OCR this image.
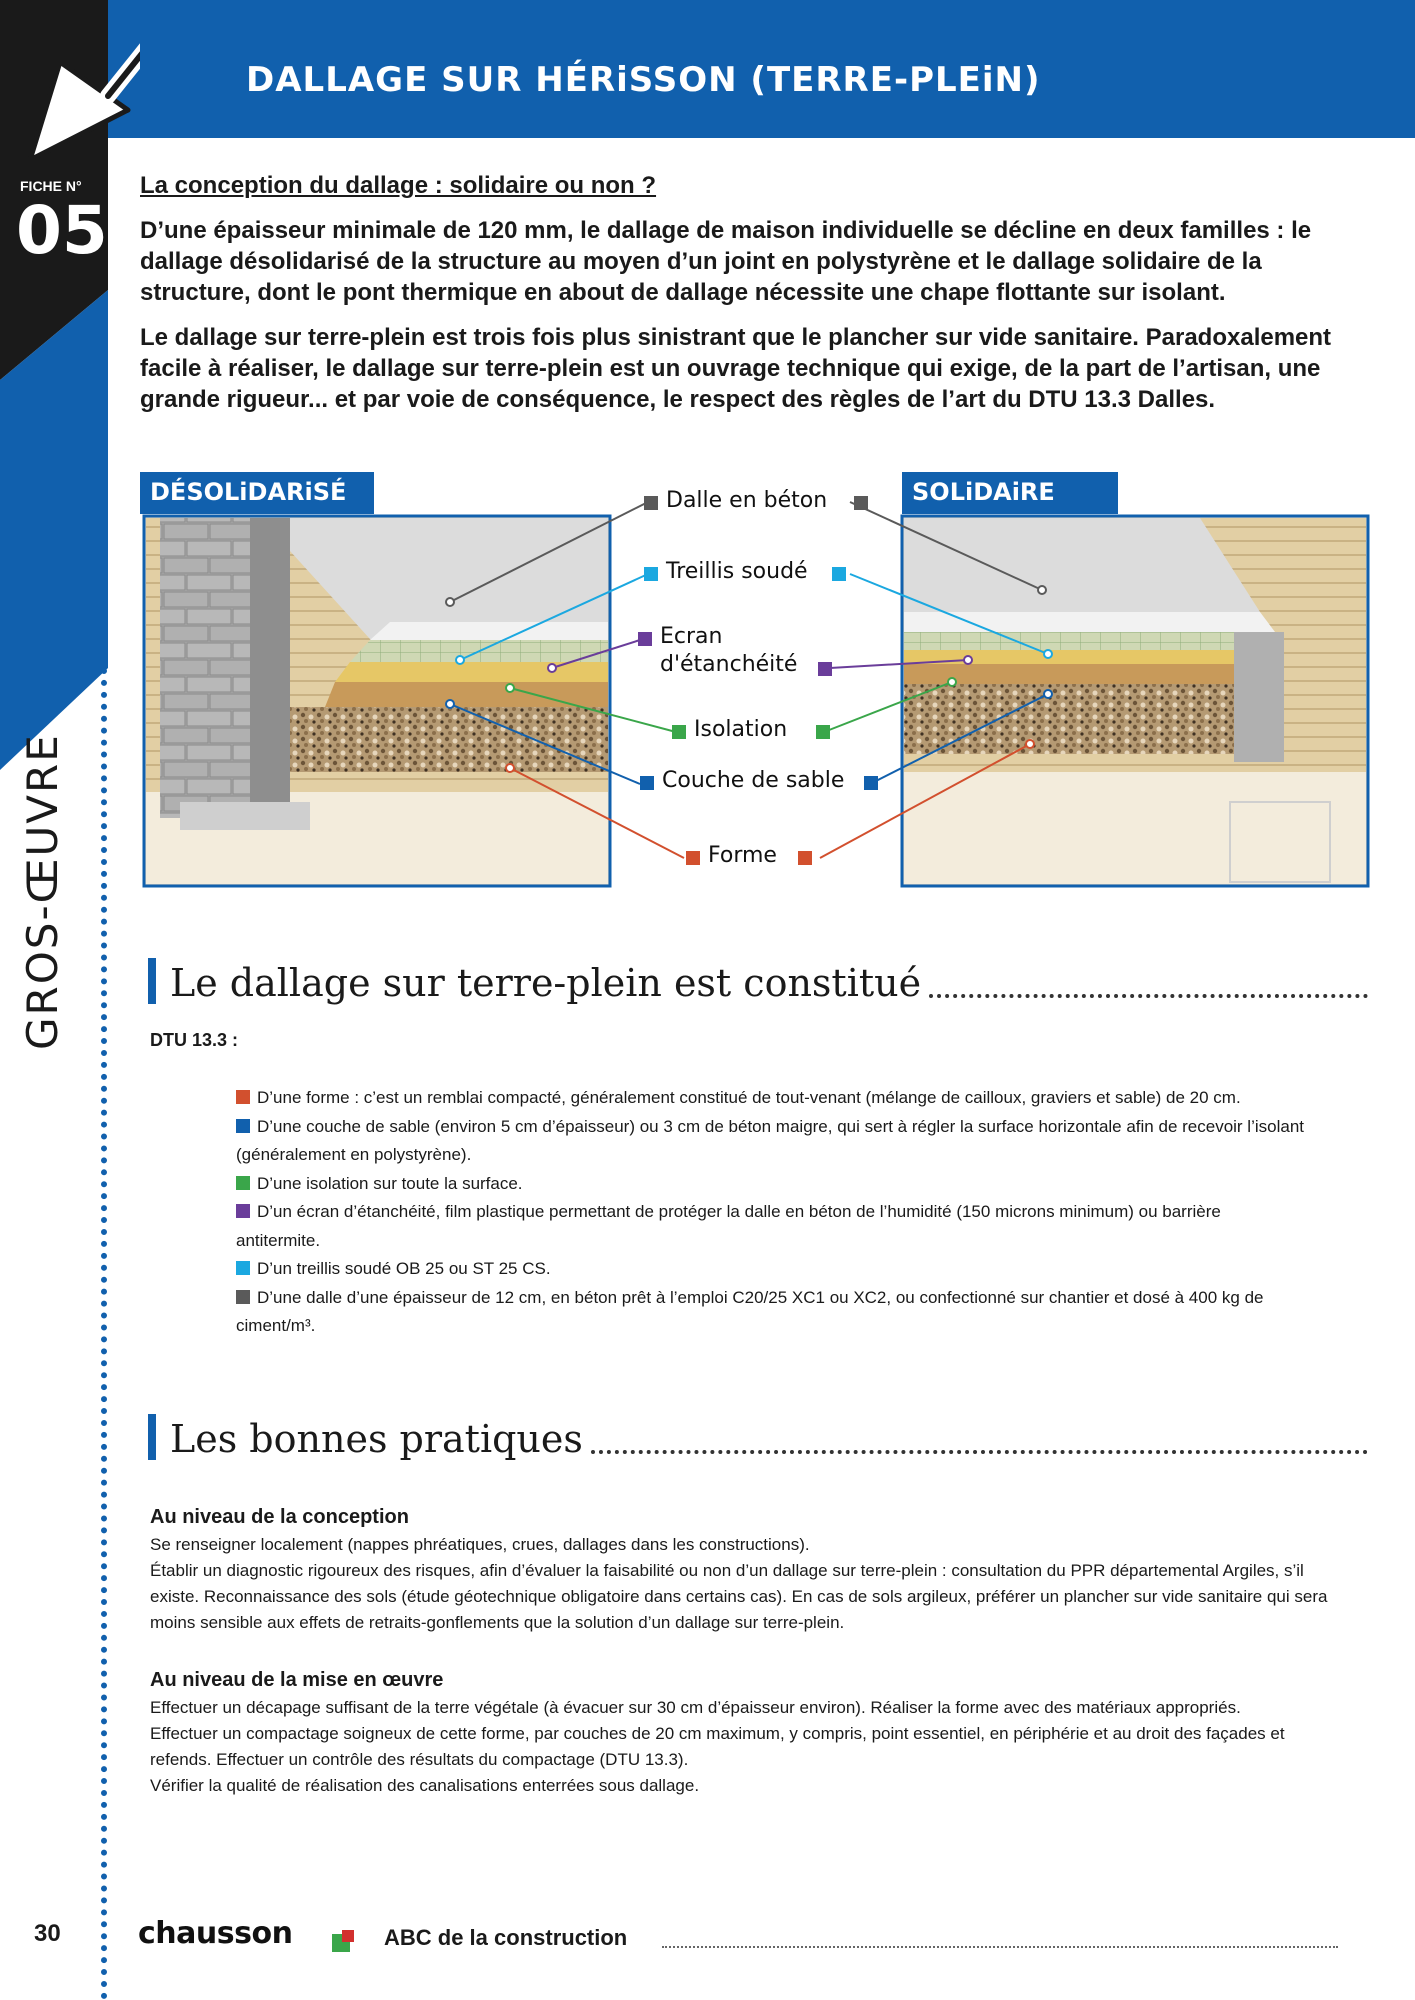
DALLAGE SUR HÉRiSSON (TERRE-PLEiN)
FICHE N°
05
GROS-ŒUVRE
La conception du dallage : solidaire ou non ?
D’une épaisseur minimale de 120 mm, le dallage de maison individuelle se décline en deux familles : le dallage désolidarisé de la structure au moyen d’un joint en polystyrène et le dallage solidaire de la structure, dont le pont thermique en about de dallage nécessite une chape flottante sur isolant.
Le dallage sur terre-plein est trois fois plus sinistrant que le plancher sur vide sanitaire. Paradoxalement facile à réaliser, le dallage sur terre-plein est un ouvrage technique qui exige, de la part de l’artisan, une grande rigueur... et par voie de conséquence, le respect des règles de l’art du DTU 13.3 Dalles.
DÉSOLiDARiSÉ	SOLiDAiRE
Dalle en béton
Treillis soudé
Ecran
d'étanchéité
Isolation
Couche de sable
Forme
Le dallage sur terre-plein est constitué
DTU 13.3 :
D’une forme : c’est un remblai compacté, généralement constitué de tout-venant (mélange de cailloux, graviers et sable) de 20 cm.
D’une couche de sable (environ 5 cm d’épaisseur) ou 3 cm de béton maigre, qui sert à régler la surface horizontale afin de recevoir l’isolant (généralement en polystyrène).
D’une isolation sur toute la surface.
D’un écran d’étanchéité, film plastique permettant de protéger la dalle en béton de l’humidité (150 microns minimum) ou barrière antitermite.
D’un treillis soudé OB 25 ou ST 25 CS.
D’une dalle d’une épaisseur de 12 cm, en béton prêt à l’emploi C20/25 XC1 ou XC2, ou confectionné sur chantier et dosé à 400 kg de ciment/m³.
Les bonnes pratiques
Au niveau de la conception

Se renseigner localement (nappes phréatiques, crues, dallages dans les constructions).

Établir un diagnostic rigoureux des risques, afin d’évaluer la faisabilité ou non d’un dallage sur terre-plein : consultation du PPR départemental Argiles, s’il existe. Reconnaissance des sols (étude géotechnique obligatoire dans certains cas). En cas de sols argileux, préférer un plancher sur vide sanitaire qui sera moins sensible aux effets de retraits-gonflements que la solution d’un dallage sur terre-plein.

Au niveau de la mise en œuvre

Effectuer un décapage suffisant de la terre végétale (à évacuer sur 30 cm d’épaisseur environ). Réaliser la forme avec des matériaux appropriés.

Effectuer un compactage soigneux de cette forme, par couches de 20 cm maximum, y compris, point essentiel, en périphérie et au droit des façades et refends. Effectuer un contrôle des résultats du compactage (DTU 13.3).

Vérifier la qualité de réalisation des canalisations enterrées sous dallage.

30	chausson	ABC de la construction
